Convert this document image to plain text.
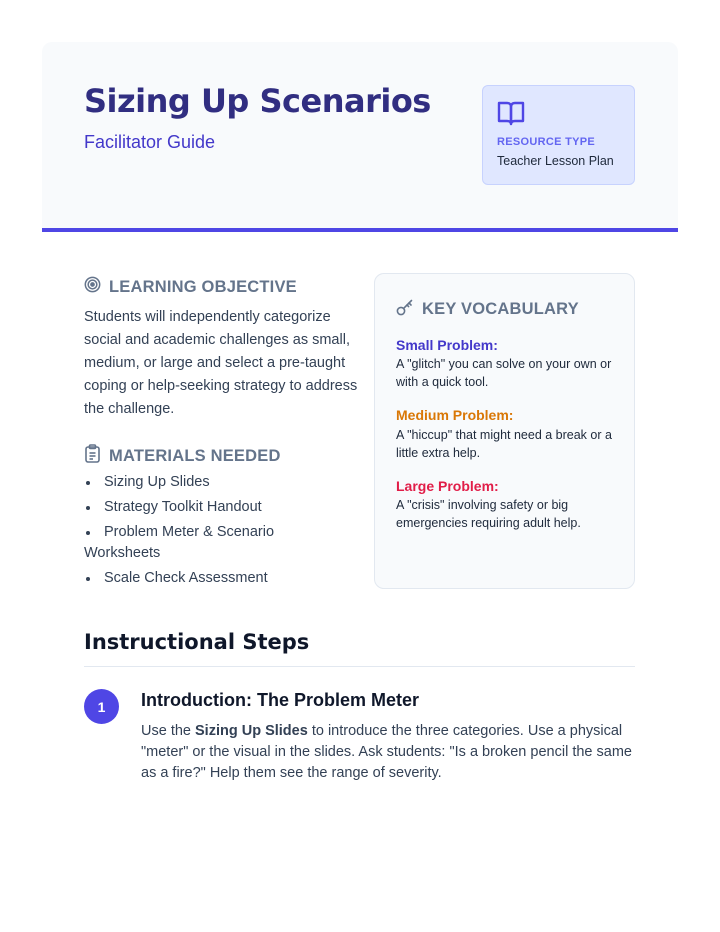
Sizing Up Scenarios
Facilitator Guide	RESOURCE TYPE
Teacher Lesson Plan
LEARNING OBJECTIVE
Students will independently categorize social and academic challenges as small, medium, or large and select a pre-taught coping or help-seeking strategy to address the challenge.
MATERIALS NEEDED
Sizing Up Slides
Strategy Toolkit Handout
Problem Meter & Scenario
Worksheets
Scale Check Assessment
KEY VOCABULARY
Small Problem:
A "glitch" you can solve on your own or with a quick tool.
Medium Problem:
A "hiccup" that might need a break or a little extra help.
Large Problem:
A "crisis" involving safety or big emergencies requiring adult help.
Instructional Steps
1	Introduction: The Problem Meter
Use the Sizing Up Slides to introduce the three categories. Use a physical "meter" or the visual in the slides. Ask students: "Is a broken pencil the same as a fire?" Help them see the range of severity.
